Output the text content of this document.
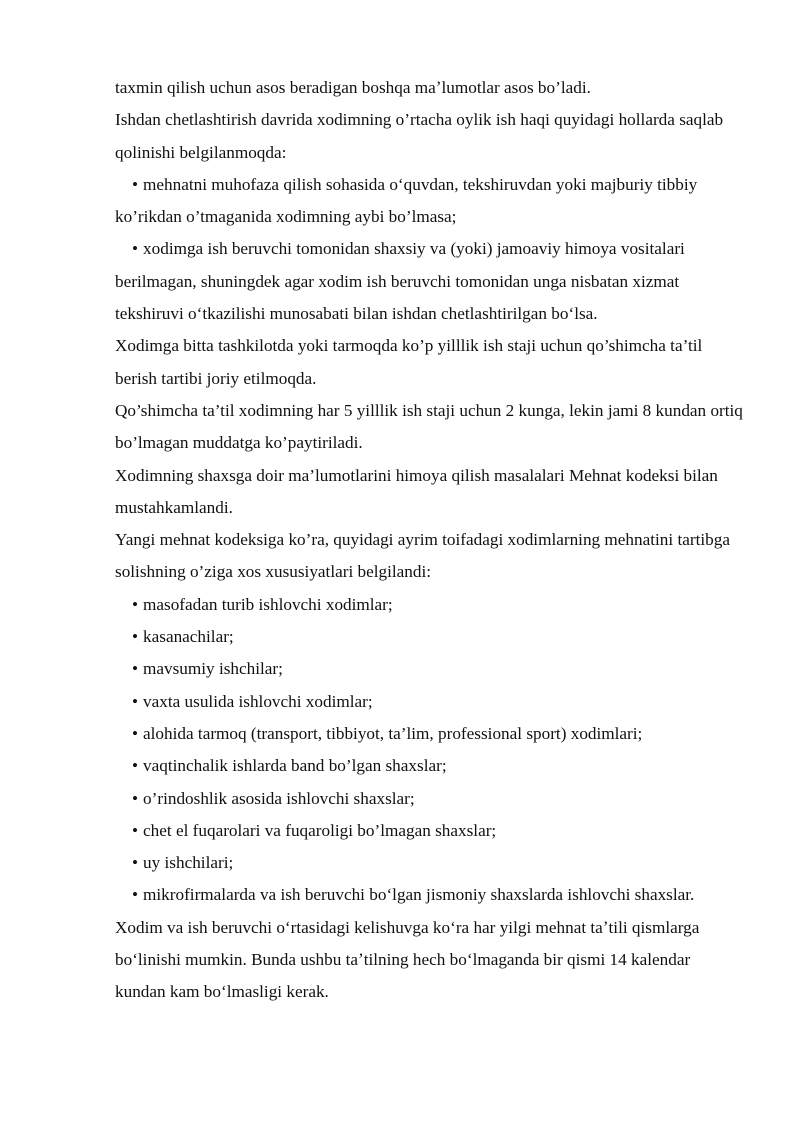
taxmin qilish uchun asos beradigan boshqa maʼlumotlar asos bo’ladi.

Ishdan chetlashtirish davrida xodimning o’rtacha oylik ish haqi quyidagi hollarda saqlab qolinishi belgilanmoqda:

• mehnatni muhofaza qilish sohasida oʻquvdan, tekshiruvdan yoki majburiy tibbiy ko’rikdan o’tmaganida xodimning aybi bo’lmasa;

• xodimga ish beruvchi tomonidan shaxsiy va (yoki) jamoaviy himoya vositalari berilmagan, shuningdek agar xodim ish beruvchi tomonidan unga nisbatan xizmat tekshiruvi oʻtkazilishi munosabati bilan ishdan chetlashtirilgan boʻlsa.

Xodimga bitta tashkilotda yoki tarmoqda ko’p yilllik ish staji uchun qo’shimcha ta’til berish tartibi joriy etilmoqda.

Qo’shimcha ta’til xodimning har 5 yilllik ish staji uchun 2 kunga, lekin jami 8 kundan ortiq bo’lmagan muddatga ko’paytiriladi.

Xodimning shaxsga doir ma’lumotlarini himoya qilish masalalari Mehnat kodeksi bilan mustahkamlandi.

Yangi mehnat kodeksiga ko’ra, quyidagi ayrim toifadagi xodimlarning mehnatini tartibga solishning o’ziga xos xususiyatlari belgilandi:

• masofadan turib ishlovchi xodimlar;

• kasanachilar;

• mavsumiy ishchilar;

• vaxta usulida ishlovchi xodimlar;

• alohida tarmoq (transport, tibbiyot, ta’lim, professional sport) xodimlari;

• vaqtinchalik ishlarda band bo’lgan shaxslar;

• o’rindoshlik asosida ishlovchi shaxslar;

• chet el fuqarolari va fuqaroligi bo’lmagan shaxslar;

• uy ishchilari;

• mikrofirmalarda va ish beruvchi boʻlgan jismoniy shaxslarda ishlovchi shaxslar.

Xodim va ish beruvchi oʻrtasidagi kelishuvga koʻra har yilgi mehnat taʼtili qismlarga boʻlinishi mumkin. Bunda ushbu taʼtilning hech boʻlmaganda bir qismi 14 kalendar kundan kam boʻlmasligi kerak.
